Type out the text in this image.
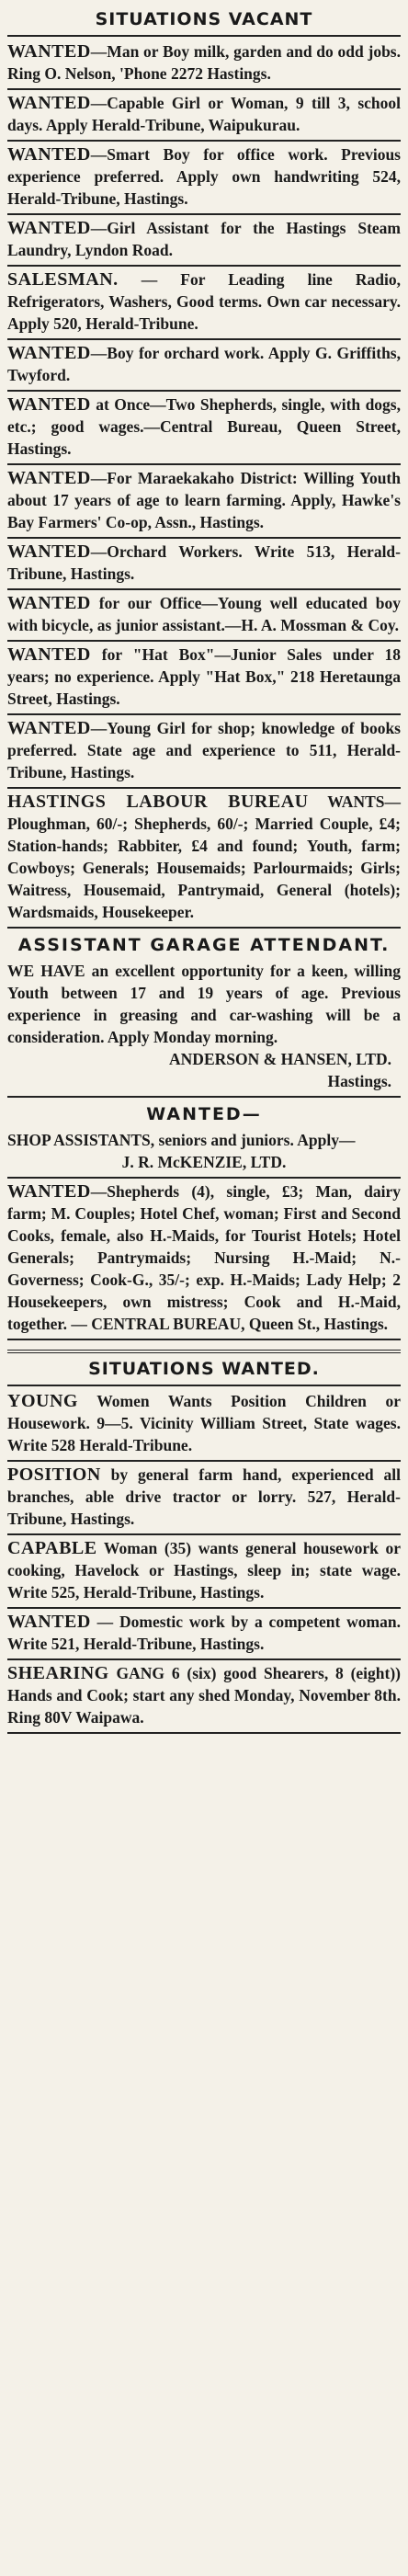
SITUATIONS VACANT
WANTED—Man or Boy milk, garden and do odd jobs. Ring O. Nelson, 'Phone 2272 Hastings.
WANTED—Capable Girl or Woman, 9 till 3, school days. Apply Herald-Tribune, Waipukurau.
WANTED—Smart Boy for office work. Previous experience preferred. Apply own handwriting 524, Herald-Tribune, Hastings.
WANTED—Girl Assistant for the Hastings Steam Laundry, Lyndon Road.
SALESMAN. — For Leading line Radio, Refrigerators, Washers, Good terms. Own car necessary. Apply 520, Herald-Tribune.
WANTED—Boy for orchard work. Apply G. Griffiths, Twyford.
WANTED at Once—Two Shepherds, single, with dogs, etc.; good wages.—Central Bureau, Queen Street, Hastings.
WANTED—For Maraekakaho District: Willing Youth about 17 years of age to learn farming. Apply, Hawke's Bay Farmers' Co-op, Assn., Hastings.
WANTED—Orchard Workers. Write 513, Herald-Tribune, Hastings.
WANTED for our Office—Young well educated boy with bicycle, as junior assistant.—H. A. Mossman & Coy.
WANTED for "Hat Box"—Junior Sales under 18 years; no experience. Apply "Hat Box," 218 Heretaunga Street, Hastings.
WANTED—Young Girl for shop; knowledge of books preferred. State age and experience to 511, Herald-Tribune, Hastings.
HASTINGS LABOUR BUREAU WANTS—Ploughman, 60/-; Shepherds, 60/-; Married Couple, £4; Station-hands; Rabbiter, £4 and found; Youth, farm; Cowboys; Generals; Housemaids; Parlourmaids; Girls; Waitress, Housemaid, Pantrymaid, General (hotels); Wardsmaids, Housekeeper.
ASSISTANT GARAGE ATTENDANT.
WE HAVE an excellent opportunity for a keen, willing Youth between 17 and 19 years of age. Previous experience in greasing and car-washing will be a consideration. Apply Monday morning.
ANDERSON & HANSEN, LTD.
Hastings.
WANTED—
SHOP ASSISTANTS, seniors and juniors. Apply—
J. R. McKENZIE, LTD.
WANTED—Shepherds (4), single, £3; Man, dairy farm; M. Couples; Hotel Chef, woman; First and Second Cooks, female, also H.-Maids, for Tourist Hotels; Hotel Generals; Pantrymaids; Nursing H.-Maid; N.-Governess; Cook-G., 35/-; exp. H.-Maids; Lady Help; 2 Housekeepers, own mistress; Cook and H.-Maid, together. — CENTRAL BUREAU, Queen St., Hastings.
SITUATIONS WANTED.
YOUNG Women Wants Position Children or Housework. 9—5. Vicinity William Street, State wages. Write 528 Herald-Tribune.
POSITION by general farm hand, experienced all branches, able drive tractor or lorry. 527, Herald-Tribune, Hastings.
CAPABLE Woman (35) wants general housework or cooking, Havelock or Hastings, sleep in; state wage. Write 525, Herald-Tribune, Hastings.
WANTED — Domestic work by a competent woman. Write 521, Herald-Tribune, Hastings.
SHEARING GANG 6 (six) good Shearers, 8 (eight)) Hands and Cook; start any shed Monday, November 8th. Ring 80V Waipawa.
